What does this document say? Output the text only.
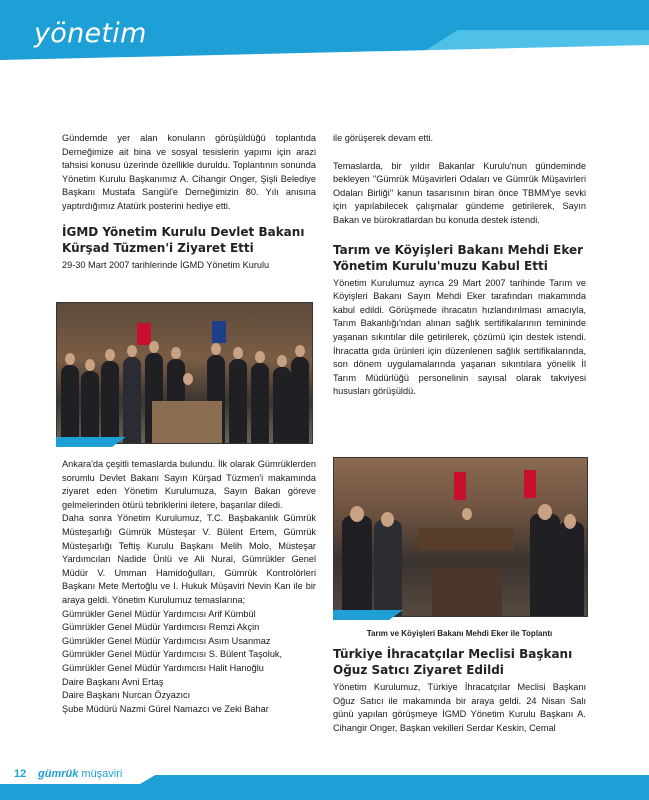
yönetim

Gündemde yer alan konuların görüşüldüğü toplantıda Derneğimize ait bina ve sosyal tesislerin yapımı için arazi tahsisi konusu üzerinde özellikle duruldu. Toplantının sonunda Yönetim Kurulu Başkanımız A. Cihangir Onger, Şişli Belediye Başkanı Mustafa Sarıgül'e Derneğimizin 80. Yılı anısına yaptırdığımız Atatürk posterini hediye etti.

İGMD Yönetim Kurulu Devlet Bakanı Kürşad Tüzmen'i Ziyaret Etti

29-30 Mart 2007 tarihlerinde İGMD Yönetim Kurulu

Ankara'da çeşitli temaslarda bulundu. İlk olarak Gümrüklerden sorumlu Devlet Bakanı Sayın Kürşad Tüzmen'i makamında ziyaret eden Yönetim Kurulumuza, Sayın Bakan göreve gelmelerinden ötürü tebriklerini iletere, başarılar diledi.

Daha sonra Yönetim Kurulumuz, T.C. Başbakanlık Gümrük Müsteşarlığı Gümrük Müsteşar V. Bülent Ertem, Gümrük Müsteşarlığı Teftiş Kurulu Başkanı Melih Molo, Müsteşar Yardımcıları Nadide Ünlü ve Ali Nural, Gümrükler Genel Müdür V. Umman Hamidoğulları, Gümrük Kontrolörleri Başkanı Mete Mertoğlu ve I. Hukuk Müşaviri Nevin Kan ile bir araya geldi. Yönetim Kurulumuz temaslarına;

Gümrükler Genel Müdür Yardımcısı Arif Kümbül

Gümrükler Genel Müdür Yardımcısı Remzi Akçin

Gümrükler Genel Müdür Yardımcısı Asım Usanmaz

Gümrükler Genel Müdür Yardımcısı S. Bülent Taşoluk,

Gümrükler Genel Müdür Yardımcısı Halit Hanoğlu

Daire Başkanı Avni Ertaş

Daire Başkanı Nurcan Özyazıcı

Şube Müdürü Nazmi Gürel Namazcı ve Zeki Bahar

ile görüşerek devam etti.

Temaslarda, bir yıldır Bakanlar Kurulu'nun gündeminde bekleyen "Gümrük Müşavirleri Odaları ve Gümrük Müşavirleri Odaları Birliği" kanun tasarısının biran önce TBMM'ye sevki için yapılabilecek çalışmalar gündeme getirilerek, Sayın Bakan ve bürokratlardan bu konuda destek istendi.

Tarım ve Köyişleri Bakanı Mehdi Eker Yönetim Kurulu'muzu Kabul Etti

Yönetim Kurulumuz ayrıca 29 Mart 2007 tarihinde Tarım ve Köyişleri Bakanı Sayın Mehdi Eker tarafından makamında kabul edildi. Görüşmede ihracatın hızlandırılması amacıyla, Tarım Bakanlığı'ndan alınan sağlık sertifikalarının temininde yaşanan sıkıntılar dile getirilerek, çözümü için destek istendi. İhracatta gıda ürünleri için düzenlenen sağlık sertifikalarında, son dönem uygulamalarında yaşanan sıkıntılara yönelik İl Tarım Müdürlüğü personelinin sayısal olarak takviyesi hususları görüşüldü.

Tarım ve Köyişleri Bakanı Mehdi Eker ile Toplantı
Türkiye İhracatçılar Meclisi Başkanı Oğuz Satıcı Ziyaret Edildi

Yönetim Kurulumuz, Türkiye İhracatçılar Meclisi Başkanı Oğuz Satıcı ile makamında bir araya geldi. 24 Nisan Salı günü yapılan görüşmeye İGMD Yönetim Kurulu Başkanı A. Cihangir Onger, Başkan vekilleri Serdar Keskin, Cemal

12 gümrük müşaviri
